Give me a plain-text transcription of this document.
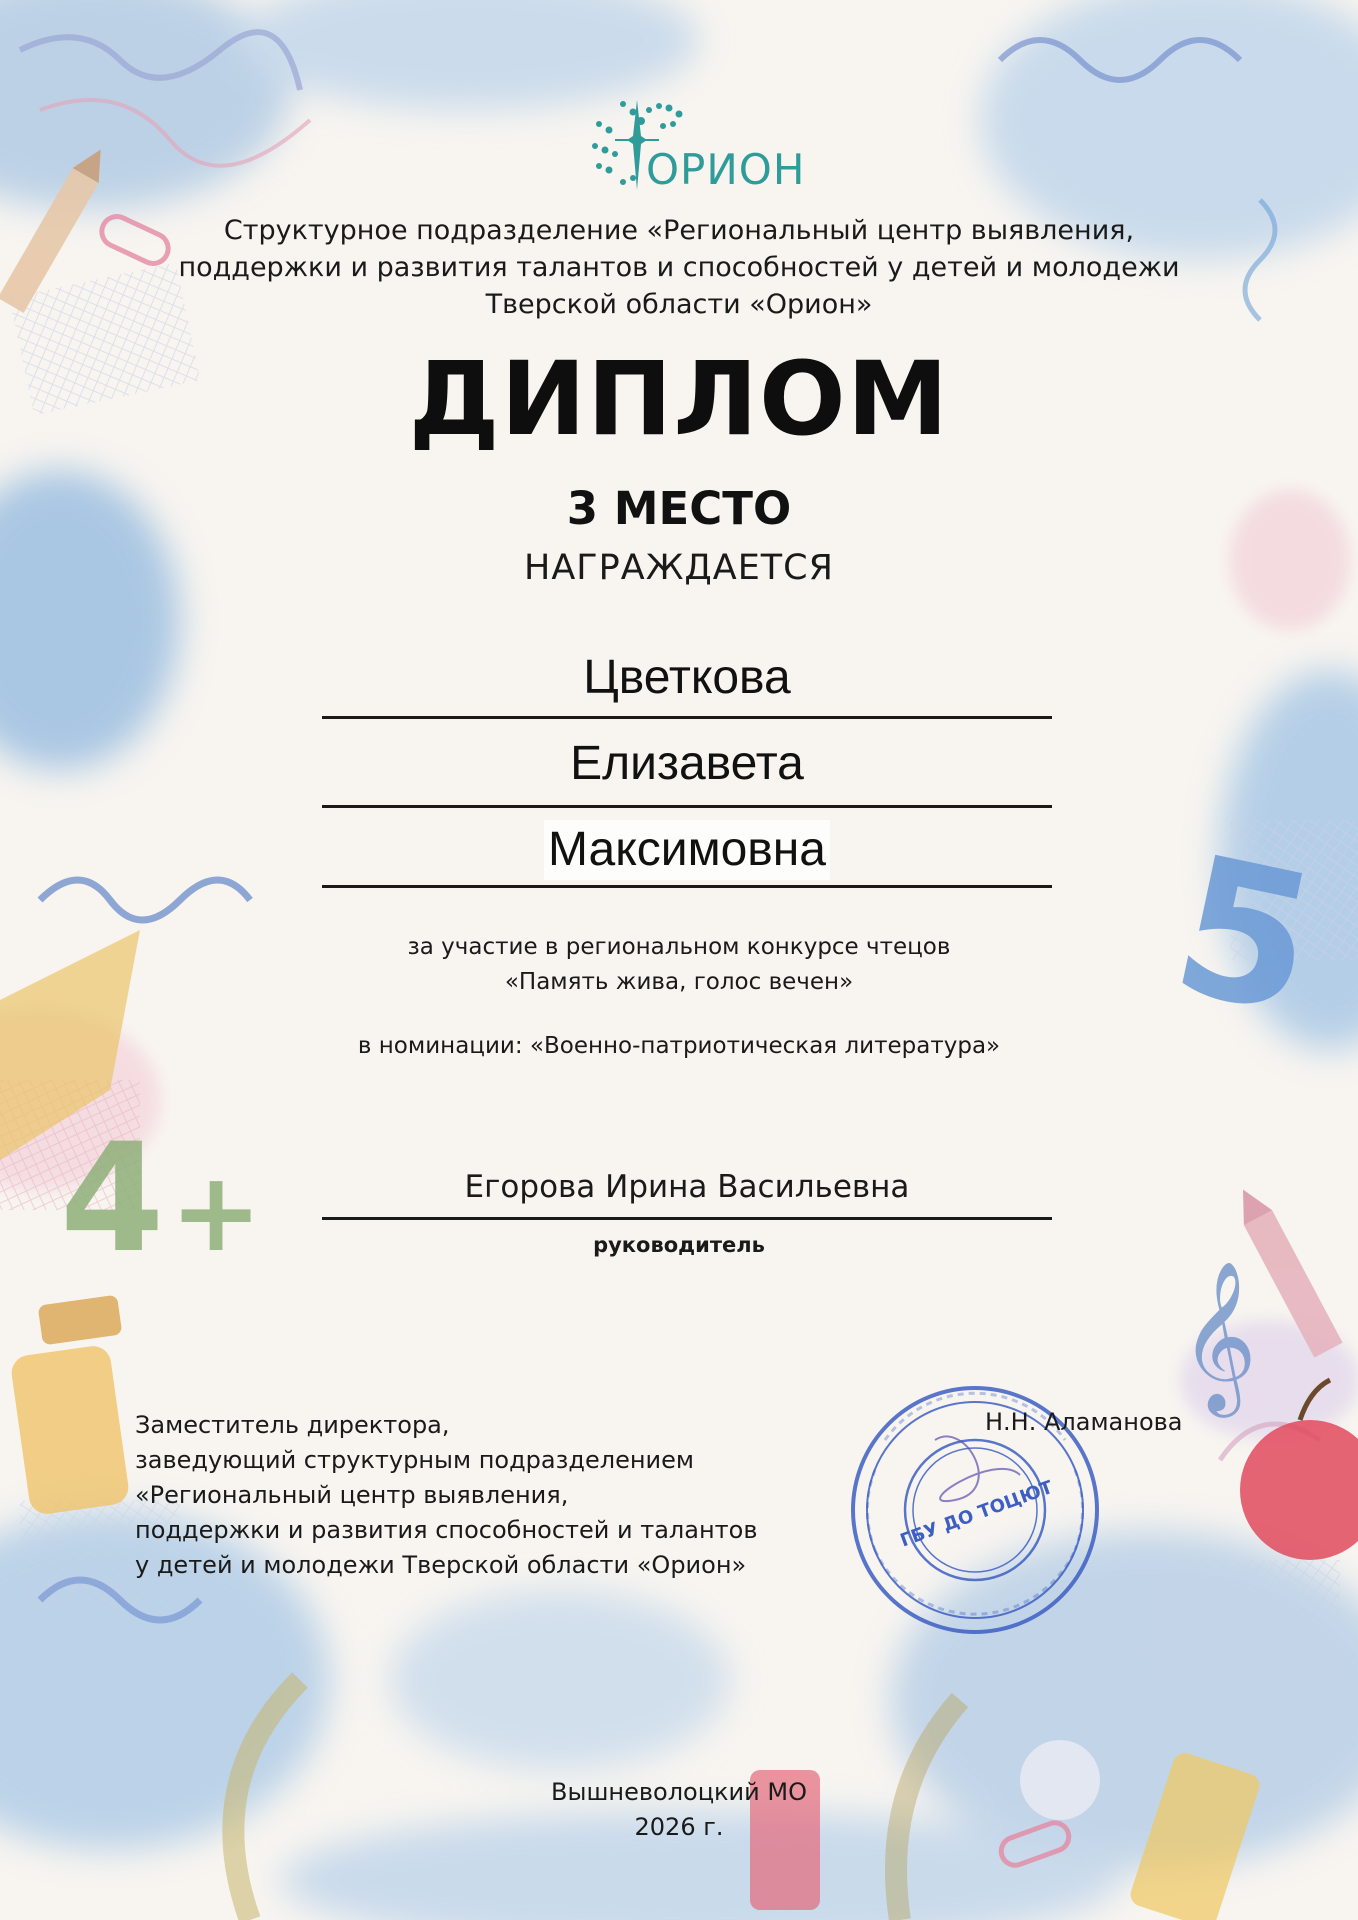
5
4 +
𝄞
ОРИОН
Структурное подразделение «Региональный центр выявления,
поддержки и развития талантов и способностей у детей и молодежи
Тверской области «Орион»
ДИПЛОМ
3 МЕСТО
НАГРАЖДАЕТСЯ
Цветкова
Елизавета
Максимовна
за участие в региональном конкурсе чтецов
«Память жива, голос вечен»
в номинации: «Военно-патриотическая литература»
Егорова Ирина Васильевна
руководитель
ГБУ ДО ТОЦЮТ
Заместитель директора,
заведующий структурным подразделением
«Региональный центр выявления,
поддержки и развития способностей и талантов
у детей и молодежи Тверской области «Орион»
Н.Н. Аламанова
Вышневолоцкий МО
2026 г.
